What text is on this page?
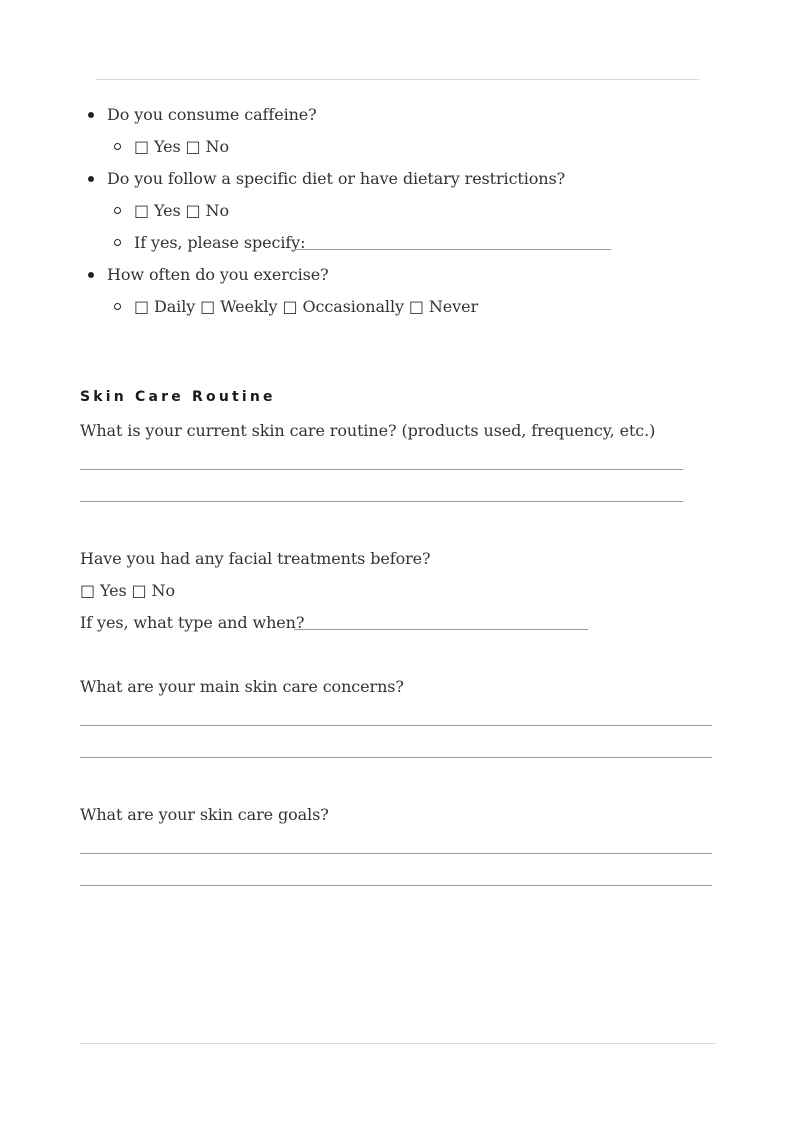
Do you consume caffeine?
□ Yes □ No
Do you follow a specific diet or have dietary restrictions?
□ Yes □ No
If yes, please specify:
How often do you exercise?
□ Daily □ Weekly □ Occasionally □ Never
Skin Care Routine
What is your current skin care routine? (products used, frequency, etc.)
Have you had any facial treatments before?
□ Yes □ No
If yes, what type and when?
What are your main skin care concerns?
What are your skin care goals?
